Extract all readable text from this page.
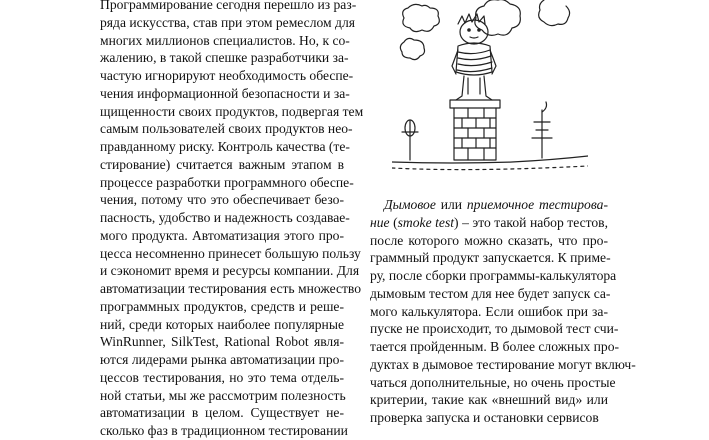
Программирование сегодня перешло из раз-
ряда искусства, став при этом ремеслом для
многих миллионов специалистов. Но, к со-
жалению, в такой спешке разработчики за-
частую игнорируют необходимость обеспе-
чения информационной безопасности и за-
щищенности своих продуктов, подвергая тем
самым пользователей своих продуктов нео-
правданному риску. Контроль качества (те-
стирование) считается важным этапом в
процессе разработки программного обеспе-
чения, потому что это обеспечивает безо-
пасность, удобство и надежность создавае-
мого продукта. Автоматизация этого про-
цесса несомненно принесет большую пользу
и сэкономит время и ресурсы компании. Для
автоматизации тестирования есть множество
программных продуктов, средств и реше-
ний, среди которых наиболее популярные
WinRunner, SilkTest, Rational Robot явля-
ются лидерами рынка автоматизации про-
цессов тестирования, но это тема отдель-
ной статьи, мы же рассмотрим полезность
автоматизации в целом. Существует не-
сколько фаз в традиционном тестировании
Дымовое или приемочное тестирова-
ние (smoke test) – это такой набор тестов,
после которого можно сказать, что про-
граммный продукт запускается. К приме-
ру, после сборки программы-калькулятора
дымовым тестом для нее будет запуск са-
мого калькулятора. Если ошибок при за-
пуске не происходит, то дымовой тест счи-
тается пройденным. В более сложных про-
дуктах в дымовое тестирование могут включ-
чаться дополнительные, но очень простые
критерии, такие как «внешний вид» или
проверка запуска и остановки сервисов
